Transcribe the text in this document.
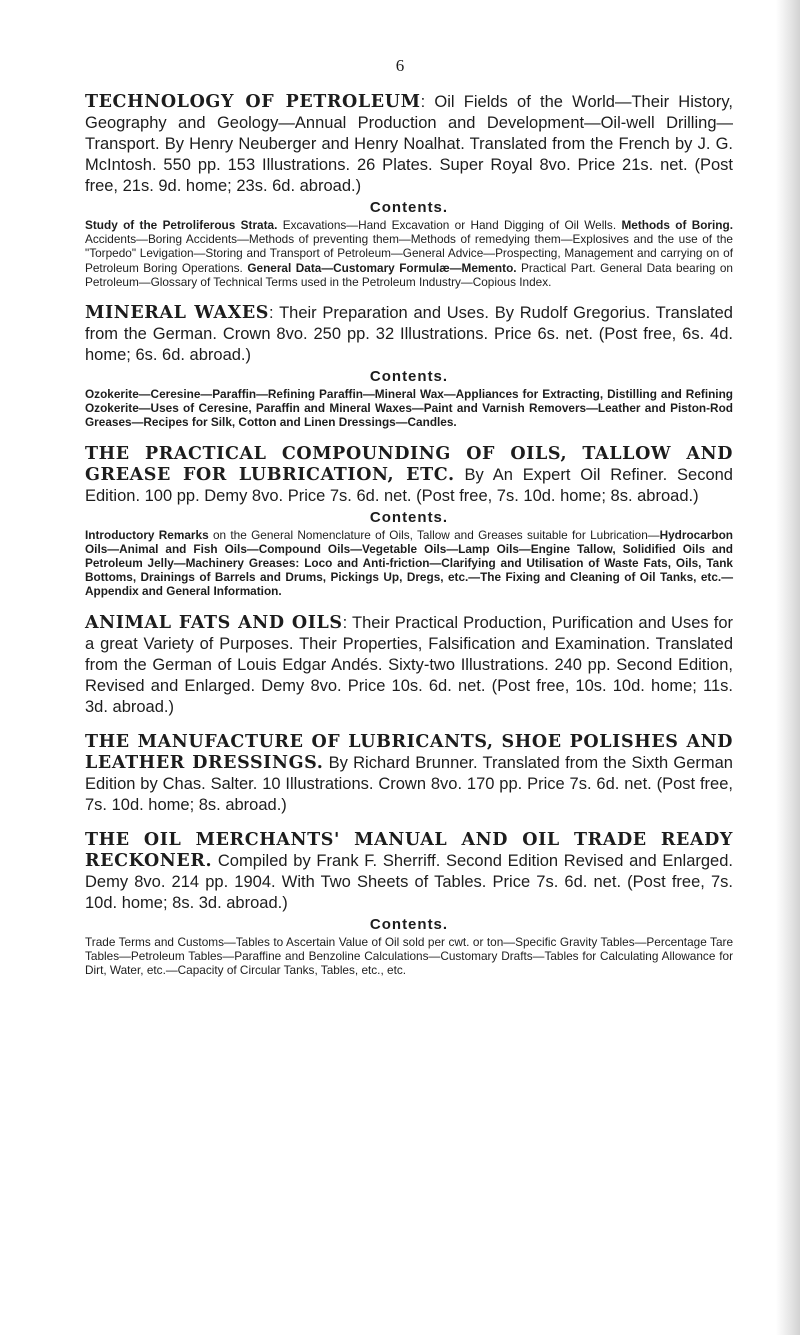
6

TECHNOLOGY OF PETROLEUM: Oil Fields of the World—Their History, Geography and Geology—Annual Production and Development—Oil-well Drilling—Transport. By Henry Neuberger and Henry Noalhat. Translated from the French by J. G. McIntosh. 550 pp. 153 Illustrations. 26 Plates. Super Royal 8vo. Price 21s. net. (Post free, 21s. 9d. home; 23s. 6d. abroad.)

Contents.

Study of the Petroliferous Strata. Excavations—Hand Excavation or Hand Digging of Oil Wells. Methods of Boring. Accidents—Boring Accidents—Methods of preventing them—Methods of remedying them—Explosives and the use of the "Torpedo" Levigation—Storing and Transport of Petroleum—General Advice—Prospecting, Management and carrying on of Petroleum Boring Operations. General Data—Customary Formulæ—Memento. Practical Part. General Data bearing on Petroleum—Glossary of Technical Terms used in the Petroleum Industry—Copious Index.

MINERAL WAXES: Their Preparation and Uses. By Rudolf Gregorius. Translated from the German. Crown 8vo. 250 pp. 32 Illustrations. Price 6s. net. (Post free, 6s. 4d. home; 6s. 6d. abroad.)

Contents.

Ozokerite—Ceresine—Paraffin—Refining Paraffin—Mineral Wax—Appliances for Extracting, Distilling and Refining Ozokerite—Uses of Ceresine, Paraffin and Mineral Waxes—Paint and Varnish Removers—Leather and Piston-Rod Greases—Recipes for Silk, Cotton and Linen Dressings—Candles.

THE PRACTICAL COMPOUNDING OF OILS, TALLOW AND GREASE FOR LUBRICATION, ETC. By An Expert Oil Refiner. Second Edition. 100 pp. Demy 8vo. Price 7s. 6d. net. (Post free, 7s. 10d. home; 8s. abroad.)

Contents.

Introductory Remarks on the General Nomenclature of Oils, Tallow and Greases suitable for Lubrication—Hydrocarbon Oils—Animal and Fish Oils—Compound Oils—Vegetable Oils—Lamp Oils—Engine Tallow, Solidified Oils and Petroleum Jelly—Machinery Greases: Loco and Anti-friction—Clarifying and Utilisation of Waste Fats, Oils, Tank Bottoms, Drainings of Barrels and Drums, Pickings Up, Dregs, etc.—The Fixing and Cleaning of Oil Tanks, etc.—Appendix and General Information.

ANIMAL FATS AND OILS: Their Practical Production, Purification and Uses for a great Variety of Purposes. Their Properties, Falsification and Examination. Translated from the German of Louis Edgar Andés. Sixty-two Illustrations. 240 pp. Second Edition, Revised and Enlarged. Demy 8vo. Price 10s. 6d. net. (Post free, 10s. 10d. home; 11s. 3d. abroad.)

THE MANUFACTURE OF LUBRICANTS, SHOE POLISHES AND LEATHER DRESSINGS. By Richard Brunner. Translated from the Sixth German Edition by Chas. Salter. 10 Illustrations. Crown 8vo. 170 pp. Price 7s. 6d. net. (Post free, 7s. 10d. home; 8s. abroad.)

THE OIL MERCHANTS' MANUAL AND OIL TRADE READY RECKONER. Compiled by Frank F. Sherriff. Second Edition Revised and Enlarged. Demy 8vo. 214 pp. 1904. With Two Sheets of Tables. Price 7s. 6d. net. (Post free, 7s. 10d. home; 8s. 3d. abroad.)

Contents.

Trade Terms and Customs—Tables to Ascertain Value of Oil sold per cwt. or ton—Specific Gravity Tables—Percentage Tare Tables—Petroleum Tables—Paraffine and Benzoline Calculations—Customary Drafts—Tables for Calculating Allowance for Dirt, Water, etc.—Capacity of Circular Tanks, Tables, etc., etc.
